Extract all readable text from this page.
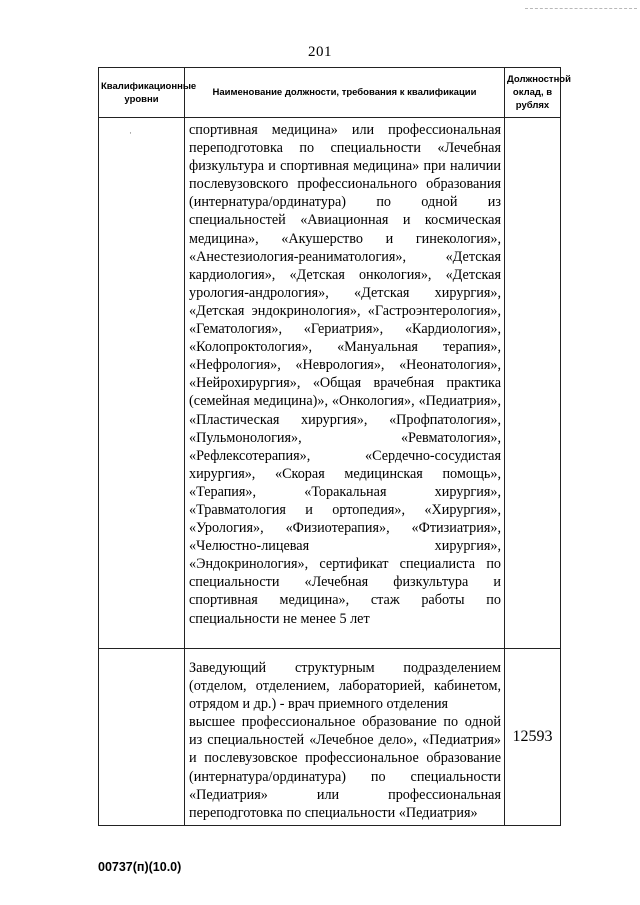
201
Квалификационные уровни	Наименование должности, требования к квалификации	Должностной оклад, в рублях

$_\cdot$	спортивная медицина» или профессиональная переподготовка по специальности «Лечебная физкультура и спортивная медицина» при наличии послевузовского профессионального образования (интернатура/ординатура) по одной из специальностей «Авиационная и космическая медицина», «Акушерство и гинекология», «Анестезиология-реаниматология», «Детская кардиология», «Детская онкология», «Детская урология-андрология», «Детская хирургия», «Детская эндокринология», «Гастроэнтерология», «Гематология», «Гериатрия», «Кардиология», «Колопроктология», «Мануальная терапия», «Нефрология», «Неврология», «Неонатология», «Нейрохирургия», «Общая врачебная практика (семейная медицина)», «Онкология», «Педиатрия», «Пластическая хирургия», «Профпатология», «Пульмонология», «Ревматология», «Рефлексотерапия», «Сердечно-сосудистая хирургия», «Скорая медицинская помощь», «Терапия», «Торакальная хирургия», «Травматология и ортопедия», «Хирургия», «Урология», «Физиотерапия», «Фтизиатрия», «Челюстно-лицевая хирургия», «Эндокринология», сертификат специалиста по специальности «Лечебная физкультура и спортивная медицина», стаж работы по специальности не менее 5 лет	

	Заведующий структурным подразделением (отделом, отделением, лабораторией, кабинетом, отрядом и др.) - врач приемного отделения
высшее профессиональное образование по одной из специальностей «Лечебное дело», «Педиатрия» и послевузовское профессиональное образование (интернатура/ординатура) по специальности «Педиатрия» или профессиональная переподготовка по специальности «Педиатрия»	12593
00737(п)(10.0)
